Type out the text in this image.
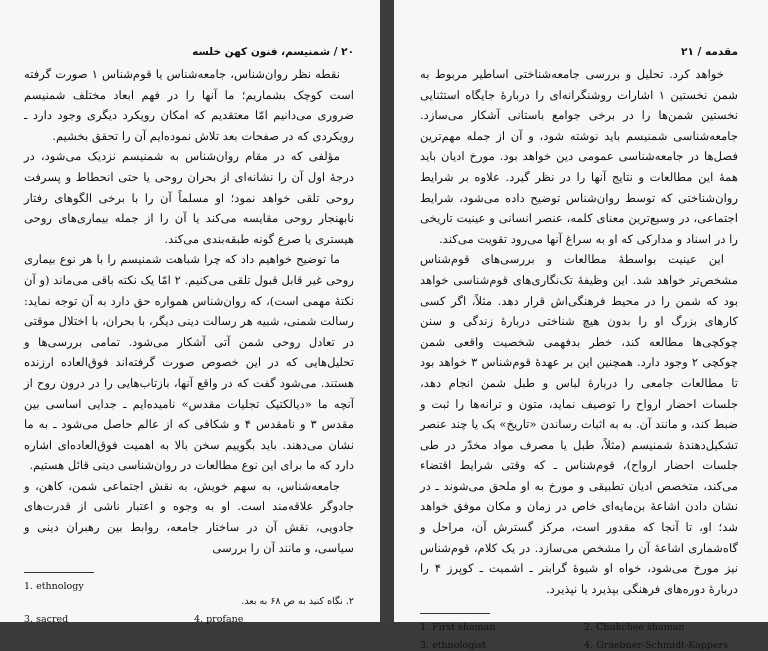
۲۰ / شمنیسم، فنون کهن خلسه

نقطه نظر روان‌شناس، جامعه‌شناس یا قوم‌شناس ۱ صورت گرفته است کوچک بشماریم؛ ما آنها را در فهم ابعاد مختلف شمنیسم ضروری می‌دانیم امّا معتقدیم که امکان رویکرد دیگری وجود دارد ـ رویکردی که در صفحات بعد تلاش نموده‌ایم آن را تحقق بخشیم.

مؤلفی که در مقام روان‌شناس به شمنیسم نزدیک می‌شود، در درجهٔ اول آن را نشانه‌ای از بحران روحی یا حتی انحطاط و پسرفت روحی تلقی خواهد نمود؛ او مسلماً آن را با برخی الگوهای رفتار نابهنجار روحی مقایسه می‌کند یا آن را از جمله بیماری‌های روحی هیستری یا صرع گونه طبقه‌بندی می‌کند.

ما توضیح خواهیم داد که چرا شباهت شمنیسم را با هر نوع بیماری روحی غیر قابل قبول تلقی می‌کنیم. ۲ امّا یک نکته باقی می‌ماند (و آن نکتهٔ مهمی است)، که روان‌شناس همواره حق دارد به آن توجه نماید: رسالت شمنی، شبیه هر رسالت دینی دیگر، با بحران، با اختلال موقتی در تعادل روحی شمن آتی آشکار می‌شود. تمامی بررسی‌ها و تحلیل‌هایی که در این خصوص صورت گرفته‌اند فوق‌العاده ارزنده هستند. می‌شود گفت که در واقع آنها، بازتاب‌هایی را در درون روح از آنچه ما «دیالکتیک تجلیات مقدس» نامیده‌ایم ـ جدایی اساسی بین مقدس ۳ و نامقدس ۴ و شکافی که از عالم حاصل می‌شود ـ به ما نشان می‌دهند. باید بگوییم سخن بالا به اهمیت فوق‌العاده‌ای اشاره دارد که ما برای این نوع مطالعات در روان‌شناسی دینی قائل هستیم.

جامعه‌شناس، به سهم خویش، به نقش اجتماعی شمن، کاهن، و جادوگر علاقه‌مند است. او به وجوه و اعتبار ناشی از قدرت‌های جادویی، نقش آن در ساختار جامعه، روابط بین رهبران دینی و سیاسی، و مانند آن را بررسی

1. ethnology
۲. نگاه کنید به ص ۶۸ به بعد.
3. sacred	4. profane
مقدمه / ۲۱

خواهد کرد. تحلیل و بررسی جامعه‌شناختی اساطیر مربوط به شمن نخستین ۱ اشارات روشنگرانه‌ای را دربارهٔ جایگاه استثنایی نخستین شمن‌ها را در برخی جوامع باستانی آشکار می‌سازد. جامعه‌شناسی شمنیسم باید نوشته شود، و آن از جمله مهم‌ترین فصل‌ها در جامعه‌شناسی عمومی دین خواهد بود. مورخ ادیان باید همهٔ این مطالعات و نتایج آنها را در نظر گیرد. علاوه بر شرایط روان‌شناختی که توسط روان‌شناس توضیح داده می‌شود، شرایط اجتماعی، در وسیع‌ترین معنای کلمه، عنصر انسانی و عینیت تاریخی را در اسناد و مدارکی که او به سراغ آنها می‌رود تقویت می‌کند.

این عینیت بواسطهٔ مطالعات و بررسی‌های قوم‌شناس مشخص‌تر خواهد شد. این وظیفهٔ تک‌نگاری‌های قوم‌شناسی خواهد بود که شمن را در محیط فرهنگی‌اش قرار دهد. مثلاً، اگر کسی کارهای بزرگ او را بدون هیچ شناختی دربارهٔ زندگی و سنن چوکچی‌ها مطالعه کند، خطر بدفهمی شخصیت واقعی شمن چوکچی ۲ وجود دارد. همچنین این بر عهدهٔ قوم‌شناس ۳ خواهد بود تا مطالعات جامعی را دربارهٔ لباس و طبل شمن انجام دهد، جلسات احضار ارواح را توصیف نماید، متون و ترانه‌ها را ثبت و ضبط کند، و مانند آن. به به اثبات رساندن «تاریخ» یک یا چند عنصر تشکیل‌دهندهٔ شمنیسم (مثلاً، طبل یا مصرف مواد مخدّر در طی جلسات احضار ارواح)، قوم‌شناس ـ که وقتی شرایط اقتضاء می‌کند، متخصص ادیان تطبیقی و مورخ به او ملحق می‌شوند ـ در نشان دادن اشاعهٔ بن‌مایه‌ای خاص در زمان و مکان موفق خواهد شد؛ او، تا آنجا که مقدور است، مرکز گسترش آن، مراحل و گاه‌شماری اشاعهٔ آن را مشخص می‌سازد. در یک کلام، قوم‌شناس نیز مورخ می‌شود، خواه او شیوهٔ گرابنر ـ اشمیت ـ کوپرز ۴ را دربارهٔ دوره‌های فرهنگی بپذیرد یا نپذیرد.

1. First shaman	2. Chukchee shaman
3. ethnologist	4. Graebner-Schmidt-Koppers
